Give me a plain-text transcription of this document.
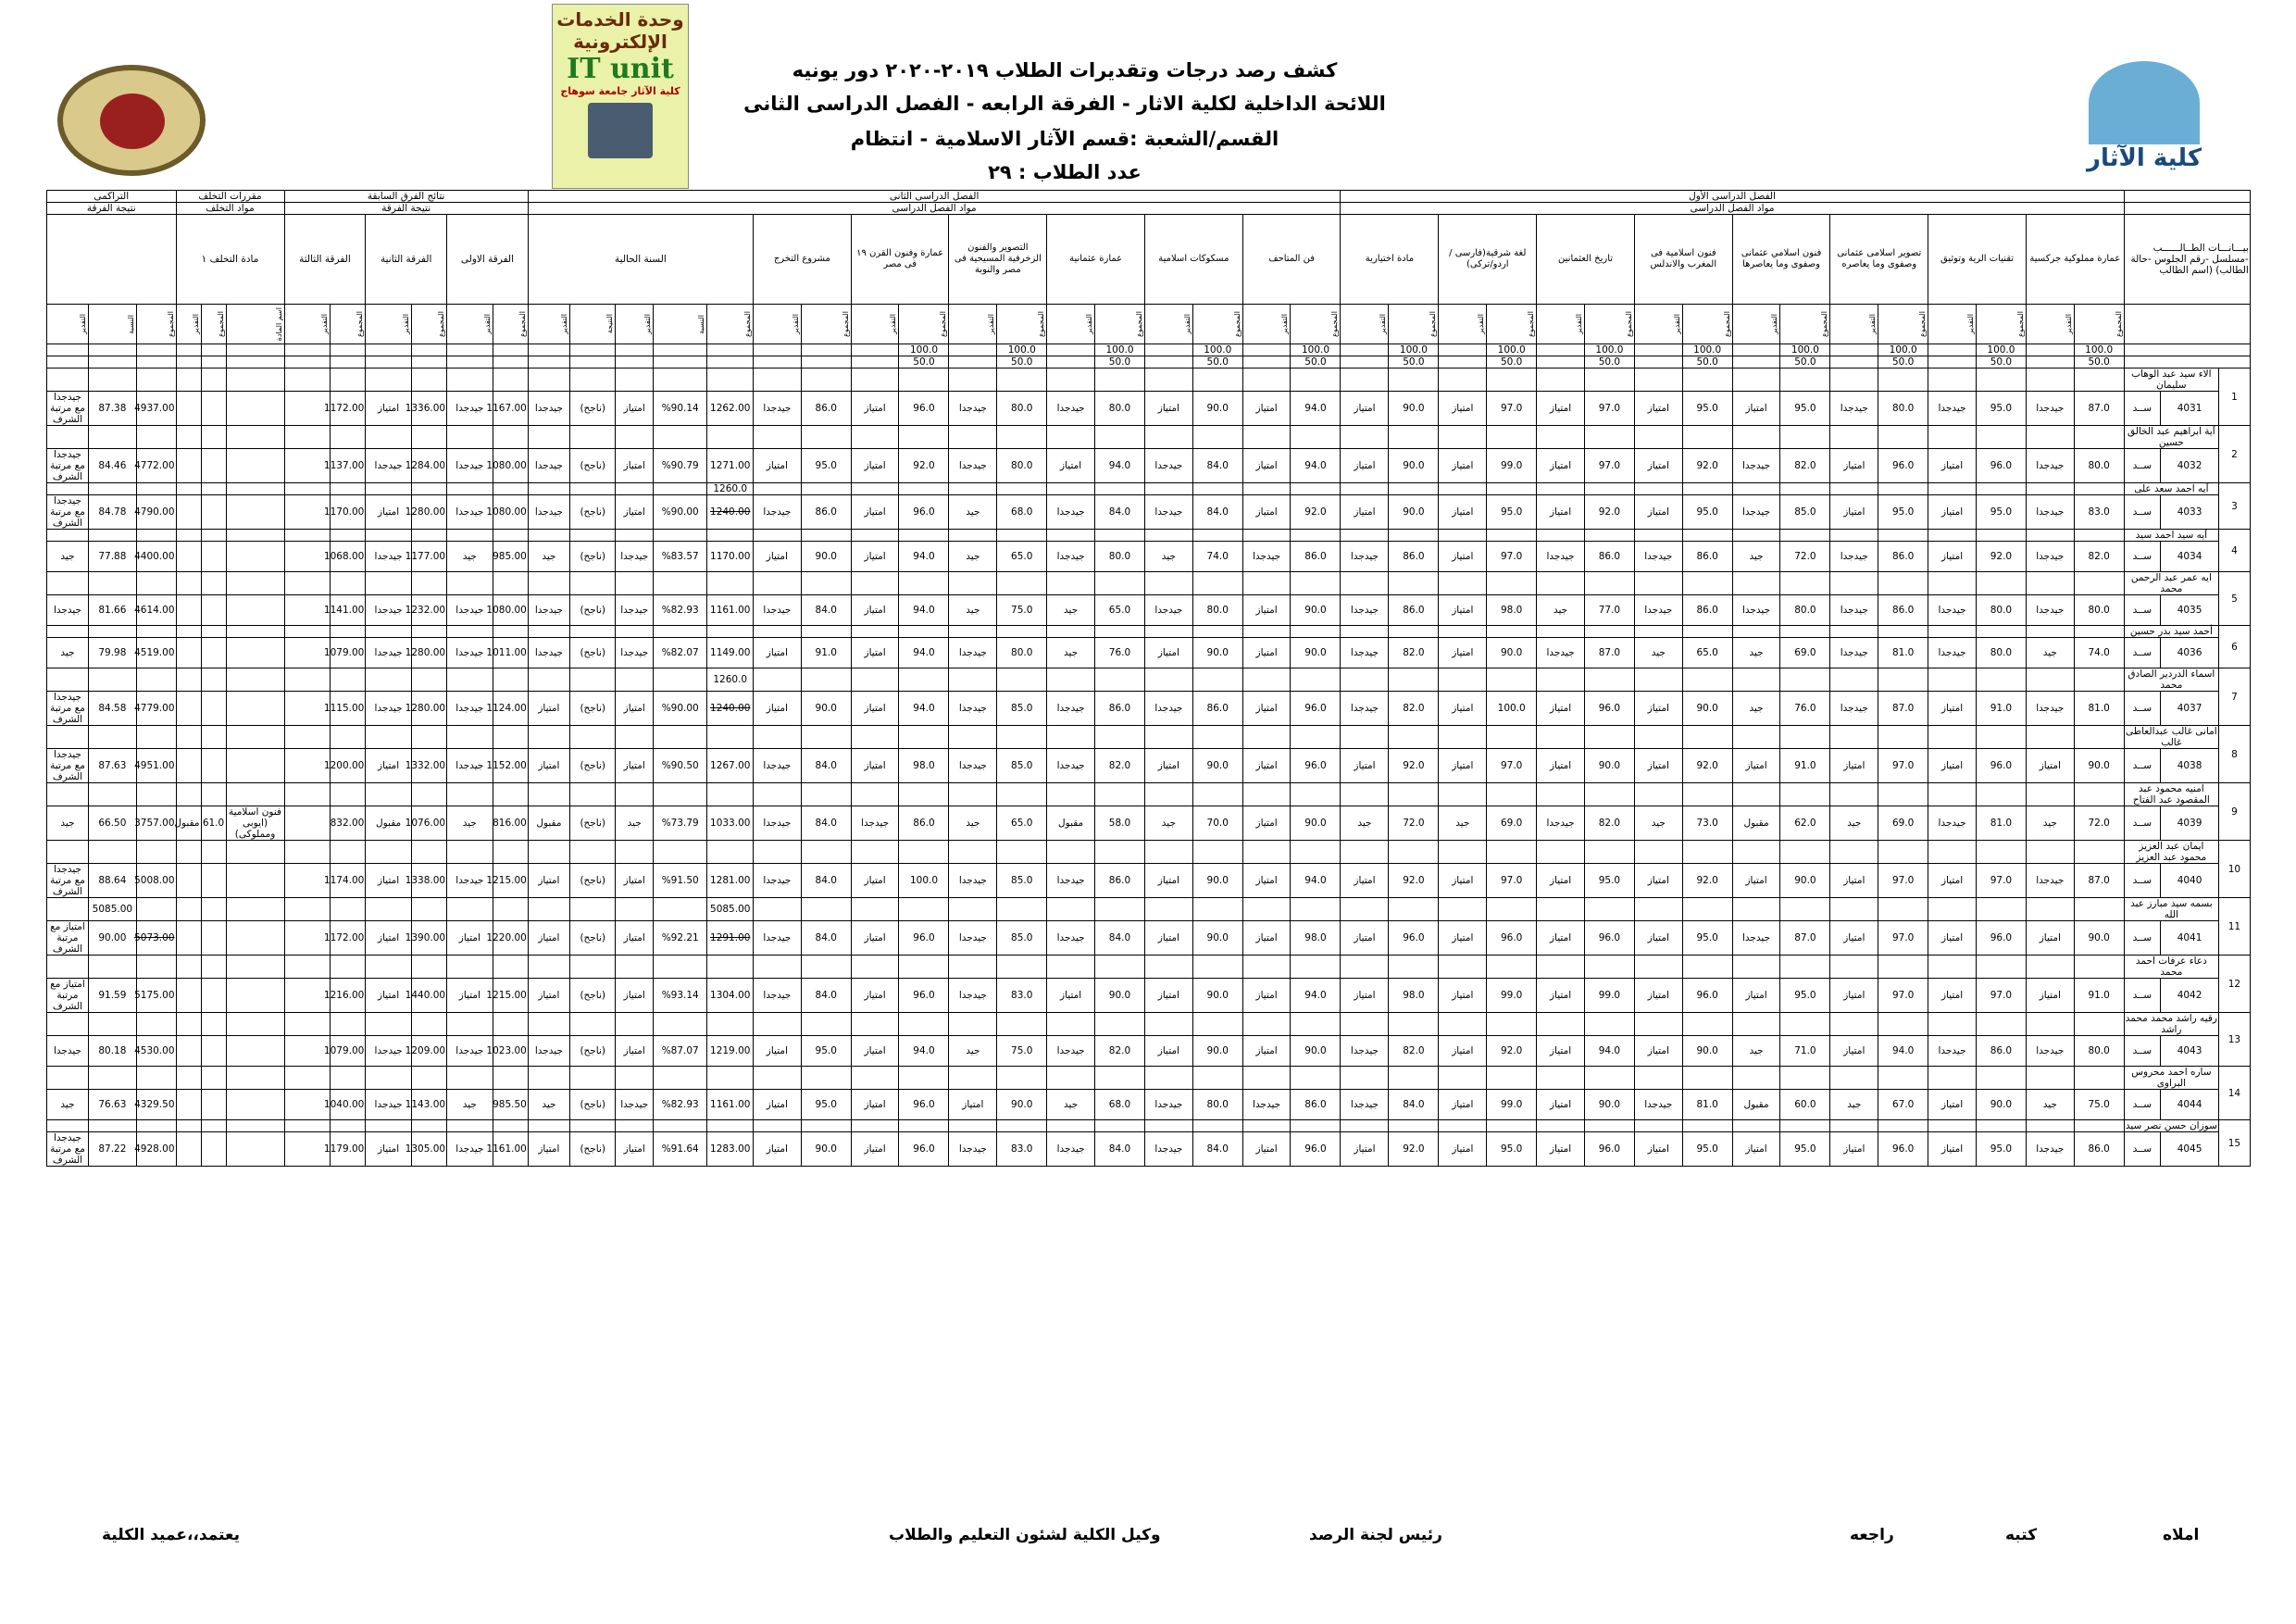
كشف رصد درجات وتقديرات الطلاب ٢٠١٩-٢٠٢٠ دور يونيه
اللائحة الداخلية لكلية الاثار - الفرقة الرابعه - الفصل الدراسى الثانى
القسم/الشعبة :قسم الآثار الاسلامية - انتظام
عدد الطلاب : ٢٩
وحدة الخدمات الإلكترونية
IT unit
كلية الآثار جامعة سوهاج
كلية الآثار
			الفصل الدراسى الأول																الفصل الدراسى الثانى																	نتائج الفرق السابقة						مقررات التخلف			التراكمى			
			مواد الفصل الدراسى																مواد الفصل الدراسى																	نتيجة الفرقة						مواد التخلف			نتيجة الفرقة			
بيـــانـــات الطــالــــــب -مسلسل -رقم الجلوس -حالة الطالب) (اسم الطالب			عمارة مملوكية جركسية		تقنيات الرية وتوثيق		تصوير اسلامى عثمانى وصفوى وما يعاصره		فنون اسلامي عثمانى وصفوى وما يعاصرها		فنون اسلامية فى المغرب والاندلس		تاريخ العثمانين		لغة شرقية(فارسى /اردو/تركى)		مادة اختيارية		فن المتاحف		مسكوكات اسلامية		عمارة عثمانية		التصوير والفنون الزخرفية المسيحية فى مصر والنوبة		عمارة وفنون القرن ١٩ فى مصر		مشروع التخرج		السنة الحالية					الفرقة الاولى		الفرقة الثانية		الفرقة الثالثة		مادة التخلف ١						

			المجموع	التقدير	المجموع	التقدير	المجموع	التقدير	المجموع	التقدير	المجموع	التقدير	المجموع	التقدير	المجموع	التقدير	المجموع	التقدير	المجموع	التقدير	المجموع	التقدير	المجموع	التقدير	المجموع	التقدير	المجموع	التقدير	المجموع	التقدير	المجموع	النسبة	التقدير	النتيجة	التقدير	المجموع	التقدير	المجموع	التقدير	المجموع	التقدير	اسم المادة	المجموع	التقدير	المجموع	النسبة	التقدير	

			100.0		100.0		100.0		100.0		100.0		100.0		100.0		100.0		100.0		100.0		100.0		100.0		100.0																					
			50.0		50.0		50.0		50.0		50.0		50.0		50.0		50.0		50.0		50.0		50.0		50.0		50.0																					
1	الاء سيد عبد الوهاب سليمان																																															
	4031	ســد	87.0	جيدجدا	95.0	جيدجدا	80.0	جيدجدا	95.0	امتياز	95.0	امتياز	97.0	امتياز	97.0	امتياز	90.0	امتياز	94.0	امتياز	90.0	امتياز	80.0	جيدجدا	80.0	جيدجدا	96.0	امتياز	86.0	جيدجدا	1262.00	%90.14	امتياز	(ناجح)	جيدجدا	1167.00	جيدجدا	1336.00	امتياز	1172.00					4937.00	87.38	جيدجدا مع مرتبة الشرف	
2	آية ابراهيم عبد الخالق حسين																																															
	4032	ســد	80.0	جيدجدا	96.0	امتياز	96.0	امتياز	82.0	جيدجدا	92.0	امتياز	97.0	امتياز	99.0	امتياز	90.0	امتياز	94.0	امتياز	84.0	جيدجدا	94.0	امتياز	80.0	جيدجدا	92.0	امتياز	95.0	امتياز	1271.00	%90.79	امتياز	(ناجح)	جيدجدا	1080.00	جيدجدا	1284.00	جيدجدا	1137.00					4772.00	84.46	جيدجدا مع مرتبة الشرف	
3	آيه احمد سعد على																														1260.0																	
	4033	ســد	83.0	جيدجدا	95.0	امتياز	95.0	امتياز	85.0	جيدجدا	95.0	امتياز	92.0	امتياز	95.0	امتياز	90.0	امتياز	92.0	امتياز	84.0	جيدجدا	84.0	جيدجدا	68.0	جيد	96.0	امتياز	86.0	جيدجدا	1240.00	%90.00	امتياز	(ناجح)	جيدجدا	1080.00	جيدجدا	1280.00	امتياز	1170.00					4790.00	84.78	جيدجدا مع مرتبة الشرف	
4	آيه سيد احمد سيد																																															
	4034	ســد	82.0	جيدجدا	92.0	امتياز	86.0	جيدجدا	72.0	جيد	86.0	جيدجدا	86.0	جيدجدا	97.0	امتياز	86.0	جيدجدا	86.0	جيدجدا	74.0	جيد	80.0	جيدجدا	65.0	جيد	94.0	امتياز	90.0	امتياز	1170.00	%83.57	جيدجدا	(ناجح)	جيد	985.00	جيد	1177.00	جيدجدا	1068.00					4400.00	77.88	جيد	
5	ايه عمر عبد الرحمن محمد																																															
	4035	ســد	80.0	جيدجدا	80.0	جيدجدا	86.0	جيدجدا	80.0	جيدجدا	86.0	جيدجدا	77.0	جيد	98.0	امتياز	86.0	جيدجدا	90.0	امتياز	80.0	جيدجدا	65.0	جيد	75.0	جيد	94.0	امتياز	84.0	جيدجدا	1161.00	%82.93	جيدجدا	(ناجح)	جيدجدا	1080.00	جيدجدا	1232.00	جيدجدا	1141.00					4614.00	81.66	جيدجدا	
6	أحمد سيد بدر حسين																																															
	4036	ســد	74.0	جيد	80.0	جيدجدا	81.0	جيدجدا	69.0	جيد	65.0	جيد	87.0	جيدجدا	90.0	امتياز	82.0	جيدجدا	90.0	امتياز	90.0	امتياز	76.0	جيد	80.0	جيدجدا	94.0	امتياز	91.0	امتياز	1149.00	%82.07	جيدجدا	(ناجح)	جيدجدا	1011.00	جيدجدا	1280.00	جيدجدا	1079.00					4519.00	79.98	جيد	
7	اسماء الدردير الصادق محمد																														1260.0																	
	4037	ســد	81.0	جيدجدا	91.0	امتياز	87.0	جيدجدا	76.0	جيد	90.0	امتياز	96.0	امتياز	100.0	امتياز	82.0	جيدجدا	96.0	امتياز	86.0	جيدجدا	86.0	جيدجدا	85.0	جيدجدا	94.0	امتياز	90.0	امتياز	1240.00	%90.00	امتياز	(ناجح)	امتياز	1124.00	جيدجدا	1280.00	جيدجدا	1115.00					4779.00	84.58	جيدجدا مع مرتبة الشرف	
8	امانى غالب عبدالعاطى غالب																																															
	4038	ســد	90.0	امتياز	96.0	امتياز	97.0	امتياز	91.0	امتياز	92.0	امتياز	90.0	امتياز	97.0	امتياز	92.0	امتياز	96.0	امتياز	90.0	امتياز	82.0	جيدجدا	85.0	جيدجدا	98.0	امتياز	84.0	جيدجدا	1267.00	%90.50	امتياز	(ناجح)	امتياز	1152.00	جيدجدا	1332.00	امتياز	1200.00					4951.00	87.63	جيدجدا مع مرتبة الشرف	
9	امنيه محمود عبد المقصود عبد الفتاح																																															
	4039	ســد	72.0	جيد	81.0	جيدجدا	69.0	جيد	62.0	مقبول	73.0	جيد	82.0	جيدجدا	69.0	جيد	72.0	جيد	90.0	امتياز	70.0	جيد	58.0	مقبول	65.0	جيد	86.0	جيدجدا	84.0	جيدجدا	1033.00	%73.79	جيد	(ناجح)	مقبول	816.00	جيد	1076.00	مقبول	832.00		فنون اسلامية (ايوبى ومملوكى)	61.0	مقبول	3757.00	66.50	جيد	
10	ايمان عبد العزيز محمود عبد العزيز																																															
	4040	ســد	87.0	جيدجدا	97.0	امتياز	97.0	امتياز	90.0	امتياز	92.0	امتياز	95.0	امتياز	97.0	امتياز	92.0	امتياز	94.0	امتياز	90.0	امتياز	86.0	جيدجدا	85.0	جيدجدا	100.0	امتياز	84.0	جيدجدا	1281.00	%91.50	امتياز	(ناجح)	امتياز	1215.00	جيدجدا	1338.00	امتياز	1174.00					5008.00	88.64	جيدجدا مع مرتبة الشرف	
11	بسمه سيد مبارز عبد الله																														5085.00															5085.00		
	4041	ســد	90.0	امتياز	96.0	امتياز	97.0	امتياز	87.0	جيدجدا	95.0	امتياز	96.0	امتياز	96.0	امتياز	96.0	امتياز	98.0	امتياز	90.0	امتياز	84.0	جيدجدا	85.0	جيدجدا	96.0	امتياز	84.0	جيدجدا	1291.00	%92.21	امتياز	(ناجح)	امتياز	1220.00	امتياز	1390.00	امتياز	1172.00					5073.00	90.00	امتياز مع مرتبة الشرف	
12	دعاء عرفات احمد محمد																																															
	4042	ســد	91.0	امتياز	97.0	امتياز	97.0	امتياز	95.0	امتياز	96.0	امتياز	99.0	امتياز	99.0	امتياز	98.0	امتياز	94.0	امتياز	90.0	امتياز	90.0	امتياز	83.0	جيدجدا	96.0	امتياز	84.0	جيدجدا	1304.00	%93.14	امتياز	(ناجح)	امتياز	1215.00	امتياز	1440.00	امتياز	1216.00					5175.00	91.59	امتياز مع مرتبة الشرف	
13	رقيه راشد محمد محمد راشد																																															
	4043	ســد	80.0	جيدجدا	86.0	جيدجدا	94.0	امتياز	71.0	جيد	90.0	امتياز	94.0	امتياز	92.0	امتياز	82.0	جيدجدا	90.0	امتياز	90.0	امتياز	82.0	جيدجدا	75.0	جيد	94.0	امتياز	95.0	امتياز	1219.00	%87.07	امتياز	(ناجح)	جيدجدا	1023.00	جيدجدا	1209.00	جيدجدا	1079.00					4530.00	80.18	جيدجدا	
14	ساره احمد محروس البراوى																																															
	4044	ســد	75.0	جيد	90.0	امتياز	67.0	جيد	60.0	مقبول	81.0	جيدجدا	90.0	امتياز	99.0	امتياز	84.0	جيدجدا	86.0	جيدجدا	80.0	جيدجدا	68.0	جيد	90.0	امتياز	96.0	امتياز	95.0	امتياز	1161.00	%82.93	جيدجدا	(ناجح)	جيد	985.50	جيد	1143.00	جيدجدا	1040.00					4329.50	76.63	جيد	
15	سوزان حسن نصر سيد																																															
	4045	ســد	86.0	جيدجدا	95.0	امتياز	96.0	امتياز	95.0	امتياز	95.0	امتياز	96.0	امتياز	95.0	امتياز	92.0	امتياز	96.0	امتياز	84.0	جيدجدا	84.0	جيدجدا	83.0	جيدجدا	96.0	امتياز	90.0	امتياز	1283.00	%91.64	امتياز	(ناجح)	امتياز	1161.00	جيدجدا	1305.00	امتياز	1179.00					4928.00	87.22	جيدجدا مع مرتبة الشرف	
املاه
كتبه
راجعه
رئيس لجنة الرصد
وكيل الكلية لشئون التعليم والطلاب
يعتمد،،عميد الكلية
